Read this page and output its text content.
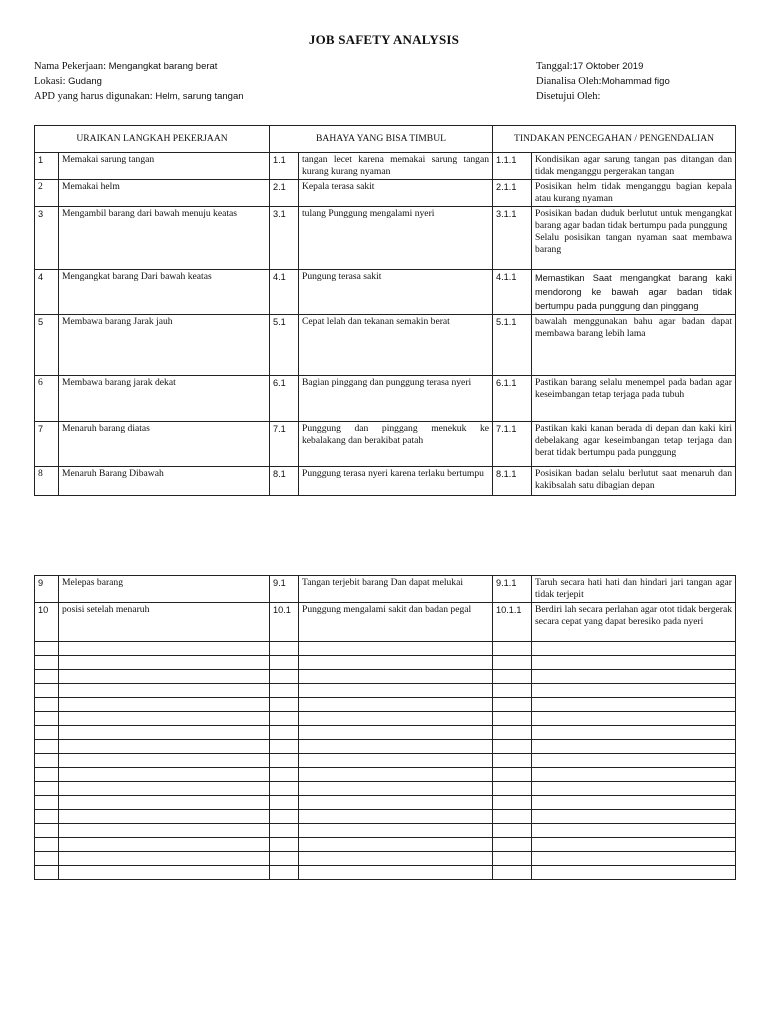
JOB SAFETY ANALYSIS
Nama Pekerjaan: Mengangkat barang berat
Lokasi: Gudang
APD yang harus digunakan: Helm, sarung tangan
Tanggal:17 Oktober 2019
Dianalisa Oleh:Mohammad figo
Disetujui Oleh:
URAIKAN LANGKAH PEKERJAAN		BAHAYA YANG BISA TIMBUL		TINDAKAN PENCEGAHAN / PENGENDALIAN	
1	Memakai sarung tangan	1.1	tangan lecet karena memakai sarung tangan kurang kurang nyaman	1.1.1	Kondisikan agar sarung tangan pas ditangan dan tidak menganggu pergerakan tangan

2	Memakai helm	2.1	Kepala terasa sakit	2.1.1	Posisikan helm tidak menganggu bagian kepala atau kurang nyaman

3	Mengambil barang dari bawah menuju keatas	3.1	tulang Punggung mengalami nyeri	3.1.1	Posisikan badan duduk berlutut untuk mengangkat barang agar badan tidak bertumpu pada punggung
Selalu posisikan tangan nyaman saat membawa barang

4	Mengangkat barang Dari bawah keatas	4.1	Pungung terasa sakit	4.1.1	Memastikan Saat mengangkat barang kaki mendorong ke bawah agar badan tidak bertumpu pada punggung dan pinggang

5	Membawa barang Jarak jauh	5.1	Cepat lelah dan tekanan semakin berat	5.1.1	bawalah menggunakan bahu agar badan dapat membawa barang lebih lama

6	Membawa barang jarak dekat	6.1	Bagian pinggang dan punggung terasa nyeri	6.1.1	Pastikan barang selalu menempel pada badan agar keseimbangan tetap terjaga pada tubuh

7	Menaruh barang diatas	7.1	Punggung dan pinggang menekuk ke kebalakang dan berakibat patah	7.1.1	Pastikan kaki kanan berada di depan dan kaki kiri debelakang agar keseimbangan tetap terjaga dan berat tidak bertumpu pada punggung

8	Menaruh Barang Dibawah	8.1	Punggung terasa nyeri karena terlaku bertumpu	8.1.1	Posisikan badan selalu berlutut saat menaruh dan kakibsalah satu dibagian depan
9	Melepas barang	9.1	Tangan terjebit barang Dan dapat melukai	9.1.1	Taruh secara hati hati dan hindari jari tangan agar tidak terjepit

10	posisi setelah menaruh	10.1	Punggung mengalami sakit dan badan pegal	10.1.1	Berdiri lah secara perlahan agar otot tidak bergerak secara cepat yang dapat beresiko pada nyeri
